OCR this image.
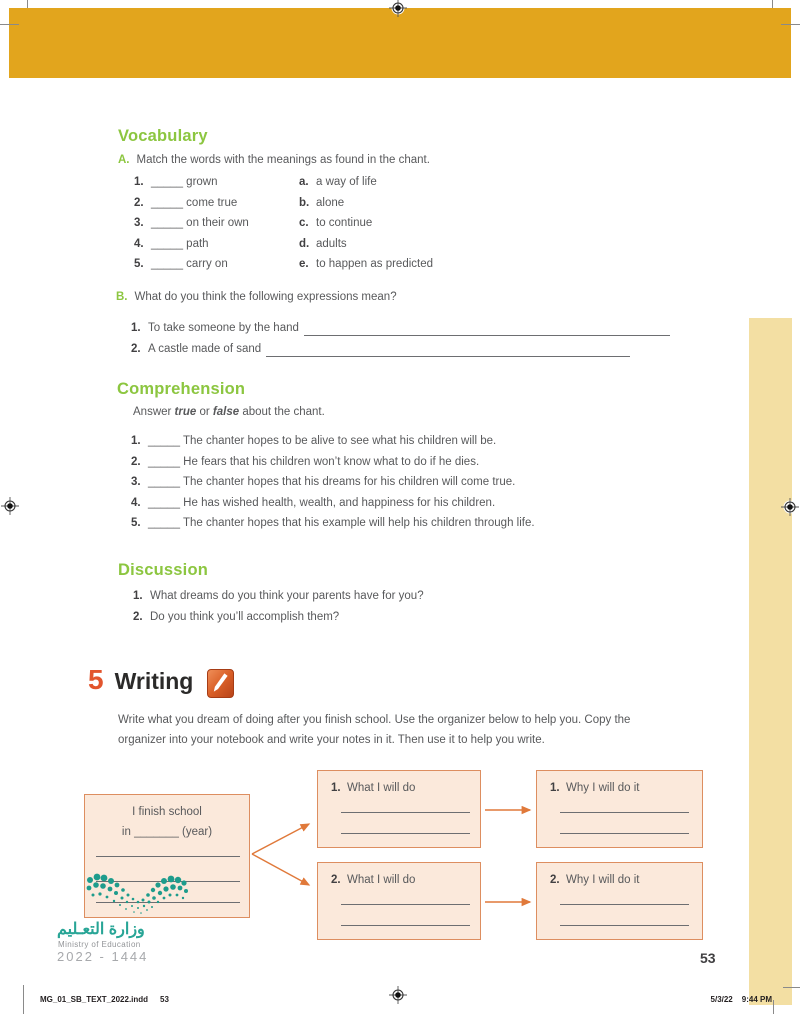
Vocabulary
A. Match the words with the meanings as found in the chant.
1. _____ grown
2. _____ come true
3. _____ on their own
4. _____ path
5. _____ carry on
a. a way of life
b. alone
c. to continue
d. adults
e. to happen as predicted
B. What do you think the following expressions mean?
1. To take someone by the hand
2. A castle made of sand
Comprehension
Answer true or false about the chant.
1. _____ The chanter hopes to be alive to see what his children will be.
2. _____ He fears that his children won’t know what to do if he dies.
3. _____ The chanter hopes that his dreams for his children will come true.
4. _____ He has wished health, wealth, and happiness for his children.
5. _____ The chanter hopes that his example will help his children through life.
Discussion
1. What dreams do you think your parents have for you?
2. Do you think you’ll accomplish them?
5 Writing
Write what you dream of doing after you finish school. Use the organizer below to help you. Copy the organizer into your notebook and write your notes in it. Then use it to help you write.
I finish school
in _______ (year)
1. What I will do
2. What I will do
1. Why I will do it
2. Why I will do it
وزارة التعـليم
Ministry of Education
2022 - 1444	53
MG_01_SB_TEXT_2022.indd 53	5/3/22 9:44 PM
